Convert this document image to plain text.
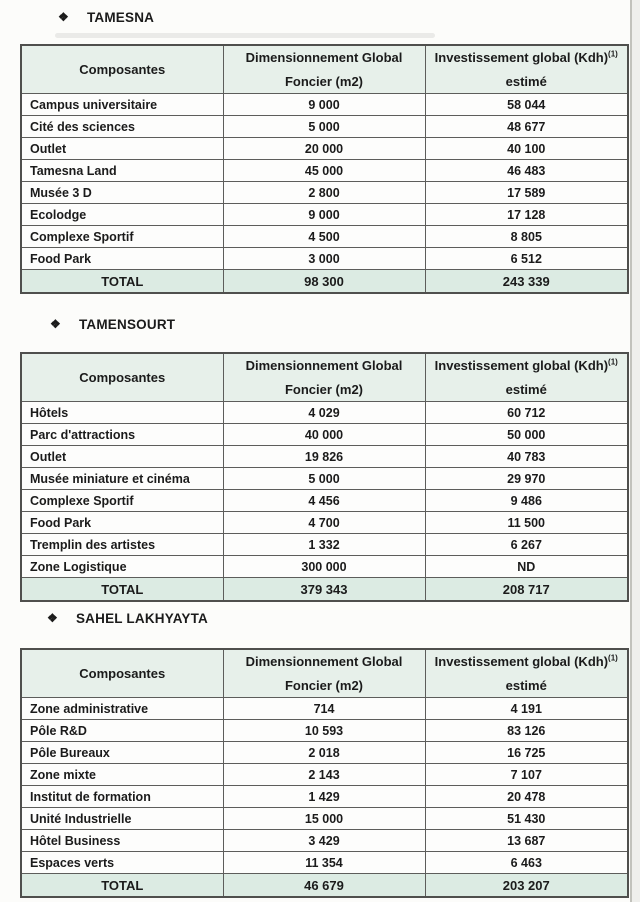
❖ TAMESNA
Composantes

Dimensionnement Global
Foncier (m2)

Investissement global (Kdh)$^{(1)}$
estimé

Campus universitaire	9 000	58 044
Cité des sciences	5 000	48 677
Outlet	20 000	40 100
Tamesna Land	45 000	46 483
Musée 3 D	2 800	17 589
Ecolodge	9 000	17 128
Complexe Sportif	4 500	8 805
Food Park	3 000	6 512
TOTAL	98 300	243 339
❖ TAMENSOURT
Composantes

Dimensionnement Global
Foncier (m2)

Investissement global (Kdh)$^{(1)}$
estimé

Hôtels	4 029	60 712
Parc d'attractions	40 000	50 000
Outlet	19 826	40 783
Musée miniature et cinéma	5 000	29 970
Complexe Sportif	4 456	9 486
Food Park	4 700	11 500
Tremplin des artistes	1 332	6 267
Zone Logistique	300 000	ND
TOTAL	379 343	208 717
❖ SAHEL LAKHYAYTA
Composantes

Dimensionnement Global
Foncier (m2)

Investissement global (Kdh)$^{(1)}$
estimé

Zone administrative	714	4 191
Pôle R&D	10 593	83 126
Pôle Bureaux	2 018	16 725
Zone mixte	2 143	7 107
Institut de formation	1 429	20 478
Unité Industrielle	15 000	51 430
Hôtel Business	3 429	13 687
Espaces verts	11 354	6 463
TOTAL	46 679	203 207
